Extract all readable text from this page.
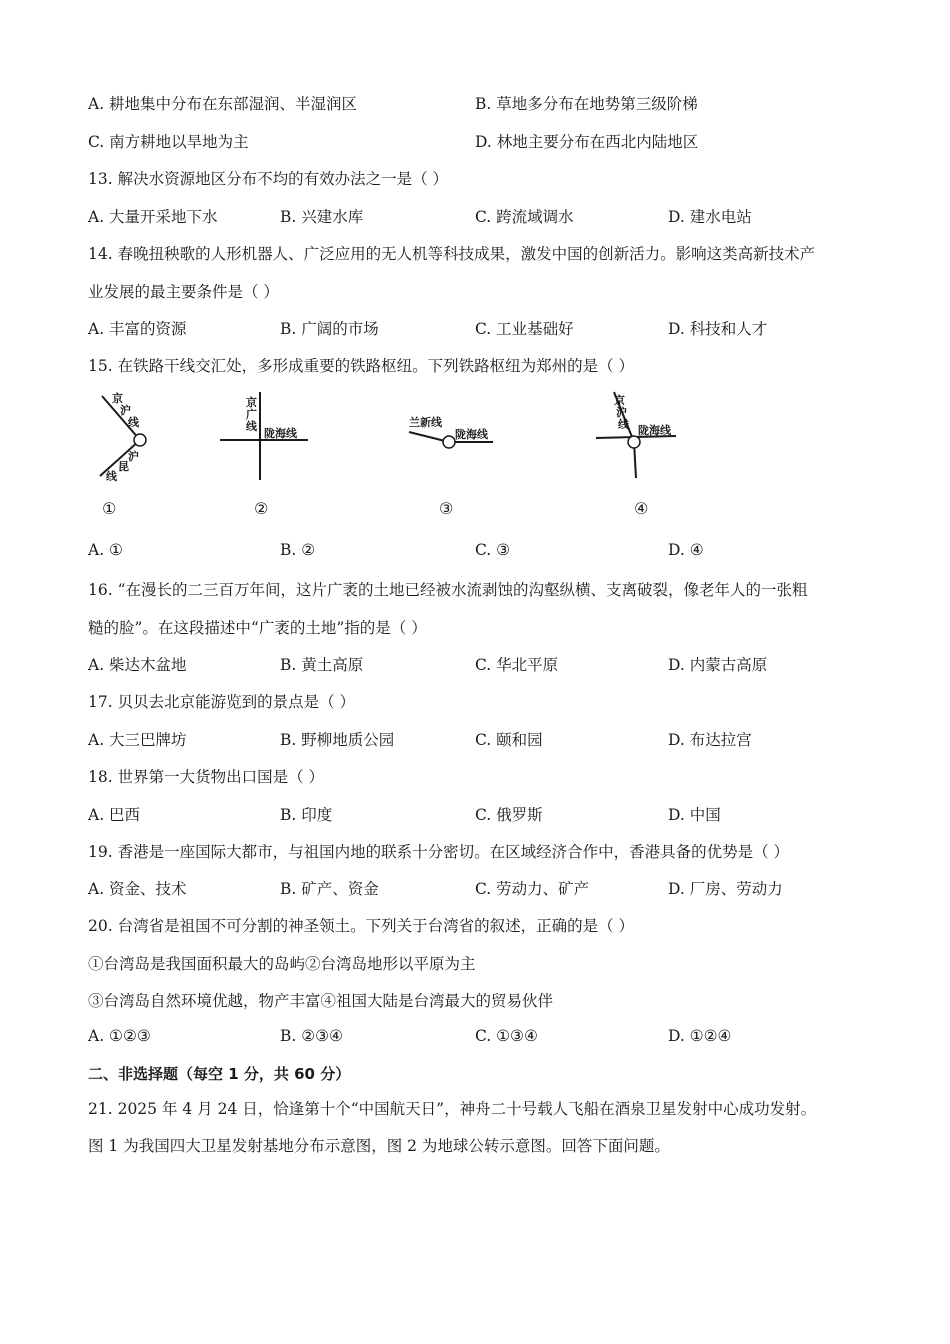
A. 耕地集中分布在东部湿润、半湿润区	B. 草地多分布在地势第三级阶梯
C. 南方耕地以旱地为主	D. 林地主要分布在西北内陆地区
13. 解决水资源地区分布不均的有效办法之一是（ ）
A. 大量开采地下水	B. 兴建水库	C. 跨流域调水	D. 建水电站
14. 春晚扭秧歌的人形机器人、广泛应用的无人机等科技成果，激发中国的创新活力。影响这类高新技术产
业发展的最主要条件是（ ）
A. 丰富的资源	B. 广阔的市场	C. 工业基础好	D. 科技和人才
15. 在铁路干线交汇处，多形成重要的铁路枢纽。下列铁路枢纽为郑州的是（ ）
京
沪
线
沪
昆
线
①
京
广
线
陇海线
②
兰新线
陇海线
③
京
沪
线 陇海线
④
A. ①	B. ②	C. ③	D. ④
16. “在漫长的二三百万年间，这片广袤的土地已经被水流剥蚀的沟壑纵横、支离破裂，像老年人的一张粗
糙的脸”。在这段描述中“广袤的土地”指的是（ ）
A. 柴达木盆地	B. 黄土高原	C. 华北平原	D. 内蒙古高原
17. 贝贝去北京能游览到的景点是（ ）
A. 大三巴牌坊	B. 野柳地质公园	C. 颐和园	D. 布达拉宫
18. 世界第一大货物出口国是（ ）
A. 巴西	B. 印度	C. 俄罗斯	D. 中国
19. 香港是一座国际大都市，与祖国内地的联系十分密切。在区域经济合作中，香港具备的优势是（ ）
A. 资金、技术	B. 矿产、资金	C. 劳动力、矿产	D. 厂房、劳动力
20. 台湾省是祖国不可分割的神圣领土。下列关于台湾省的叙述，正确的是（ ）
①台湾岛是我国面积最大的岛屿②台湾岛地形以平原为主
③台湾岛自然环境优越，物产丰富④祖国大陆是台湾最大的贸易伙伴
A. ①②③	B. ②③④	C. ①③④	D. ①②④
二、非选择题（每空 1 分，共 60 分）
21. 2025 年 4 月 24 日，恰逢第十个“中国航天日”，神舟二十号载人飞船在酒泉卫星发射中心成功发射。
图 1 为我国四大卫星发射基地分布示意图，图 2 为地球公转示意图。回答下面问题。
